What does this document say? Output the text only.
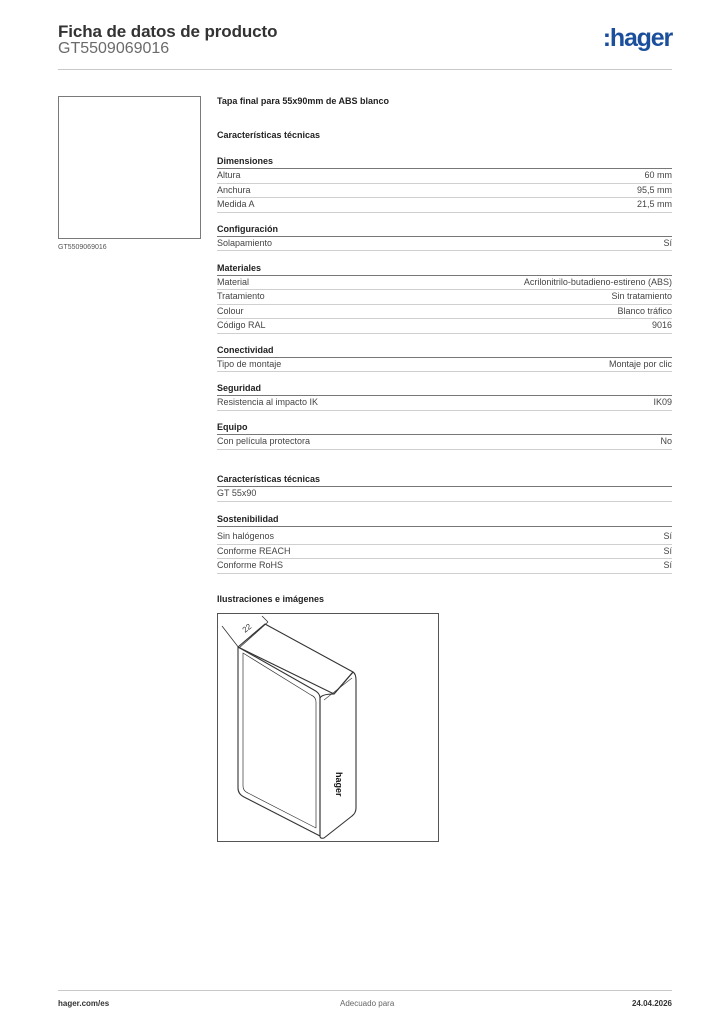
Ficha de datos de producto
GT5509069016	:hager
GT5509069016
Tapa final para 55x90mm de ABS blanco
Características técnicas
Dimensiones
Altura	60 mm
Anchura	95,5 mm
Medida A	21,5 mm
Configuración
Solapamiento	Sí
Materiales
Material	Acrilonitrilo-butadieno-estireno (ABS)
Tratamiento	Sin tratamiento
Colour	Blanco tráfico
Código RAL	9016
Conectividad
Tipo de montaje	Montaje por clic
Seguridad
Resistencia al impacto IK	IK09
Equipo
Con película protectora	No
Características técnicas
GT 55x90
Sostenibilidad
Sin halógenos	Sí
Conforme REACH	Sí
Conforme RoHS	Sí
Ilustraciones e imágenes
22
hager
hager.com/es	Adecuado para	24.04.2026
